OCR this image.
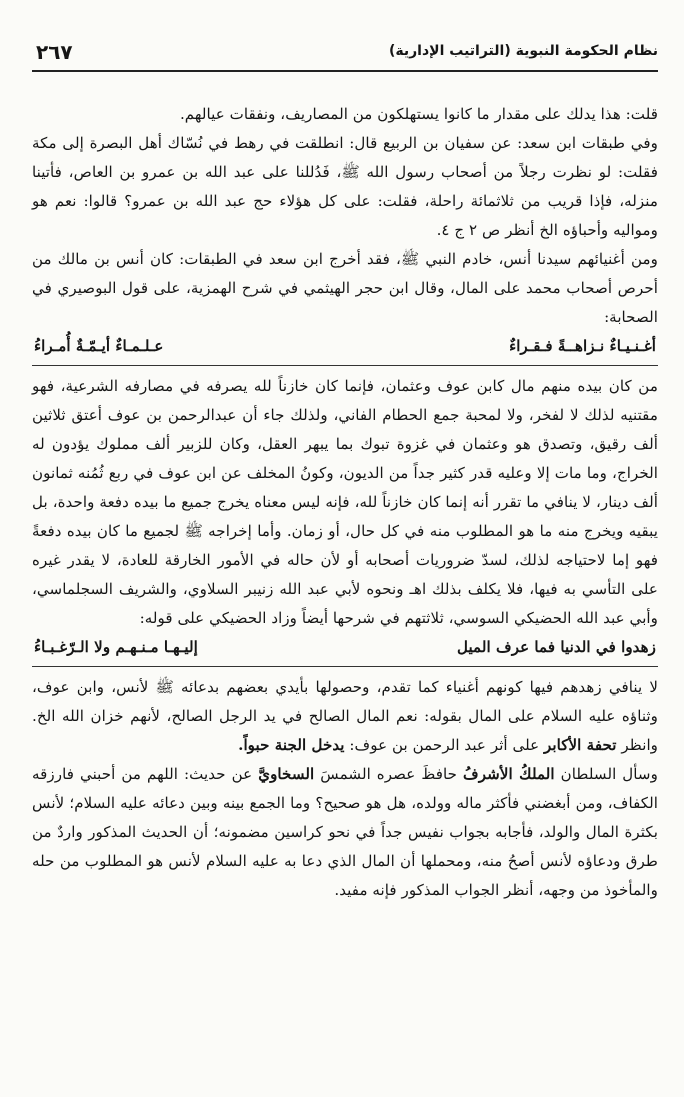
نظام الحكومة النبوية (التراتيب الإدارية)
٢٦٧

قلت: هذا يدلك على مقدار ما كانوا يستهلكون من المصاريف، ونفقات عيالهم.

وفي طبقات ابن سعد: عن سفيان بن الربيع قال: انطلقت في رهط في نُسّاك أهل البصرة إلى مكة فقلت: لو نظرت رجلاً من أصحاب رسول الله ﷺ، فَدُللنا على عبد الله بن عمرو بن العاص، فأتينا منزله، فإذا قريب من ثلاثمائة راحلة، فقلت: على كل هؤلاء حج عبد الله بن عمرو؟ قالوا: نعم هو ومواليه وأحباؤه الخ أنظر ص ٢ ج ٤.

ومن أغنيائهم سيدنا أنس، خادم النبي ﷺ، فقد أخرج ابن سعد في الطبقات: كان أنس بن مالك من أحرص أصحاب محمد على المال، وقال ابن حجر الهيثمي في شرح الهمزية، على قول البوصيري في الصحابة:

أغـنـيـاءٌ نـزاهــةً فـقـراءٌ
عـلـمـاءٌ أيـمّـةٌ أُمـراءُ

من كان بيده منهم مال كابن عوف وعثمان، فإنما كان خازناً لله يصرفه في مصارفه الشرعية، فهو مقتنيه لذلك لا لفخر، ولا لمحبة جمع الحطام الفاني، ولذلك جاء أن عبدالرحمن بن عوف أعتق ثلاثين ألف رقيق، وتصدق هو وعثمان في غزوة تبوك بما يبهر العقل، وكان للزبير ألف مملوك يؤدون له الخراج، وما مات إلا وعليه قدر كثير جداً من الديون، وكونُ المخلف عن ابن عوف في ربع ثُمُنه ثمانون ألف دينار، لا ينافي ما تقرر أنه إنما كان خازناً لله، فإنه ليس معناه يخرج جميع ما بيده دفعة واحدة، بل يبقيه ويخرج منه ما هو المطلوب منه في كل حال، أو زمان. وأما إخراجه ﷺ لجميع ما كان بيده دفعةً فهو إما لاحتياجه لذلك، لسدّ ضروريات أصحابه أو لأن حاله في الأمور الخارقة للعادة، لا يقدر غيره على التأسي به فيها، فلا يكلف بذلك اهـ ونحوه لأبي عبد الله زنيبر السلاوي، والشريف السجلماسي، وأبي عبد الله الحضيكي السوسي، ثلاثتهم في شرحها أيضاً وزاد الحضيكي على قوله:

زهدوا في الدنيا فما عرف الميل
إليـهـا مـنـهـم ولا الـرّغـبـاءُ

لا ينافي زهدهم فيها كونهم أغنياء كما تقدم، وحصولها بأيدي بعضهم بدعائه ﷺ لأنس، وابن عوف، وثناؤه عليه السلام على المال بقوله: نعم المال الصالح في يد الرجل الصالح، لأنهم خزان الله الخ. وانظر تحفة الأكابر على أثر عبد الرحمن بن عوف: يدخل الجنة حبواً.

وسأل السلطان الملكُ الأشرفُ حافظَ عصره الشمسَ السخاويَّ عن حديث: اللهم من أحبني فارزقه الكفاف، ومن أبغضني فأكثر ماله وولده، هل هو صحيح؟ وما الجمع بينه وبين دعائه عليه السلام؛ لأنس بكثرة المال والولد، فأجابه بجواب نفيس جداً في نحو كراسين مضمونه؛ أن الحديث المذكور واردٌ من طرق ودعاؤه لأنس أصحُ منه، ومحملها أن المال الذي دعا به عليه السلام لأنس هو المطلوب من حله والمأخوذ من وجهه، أنظر الجواب المذكور فإنه مفيد.
